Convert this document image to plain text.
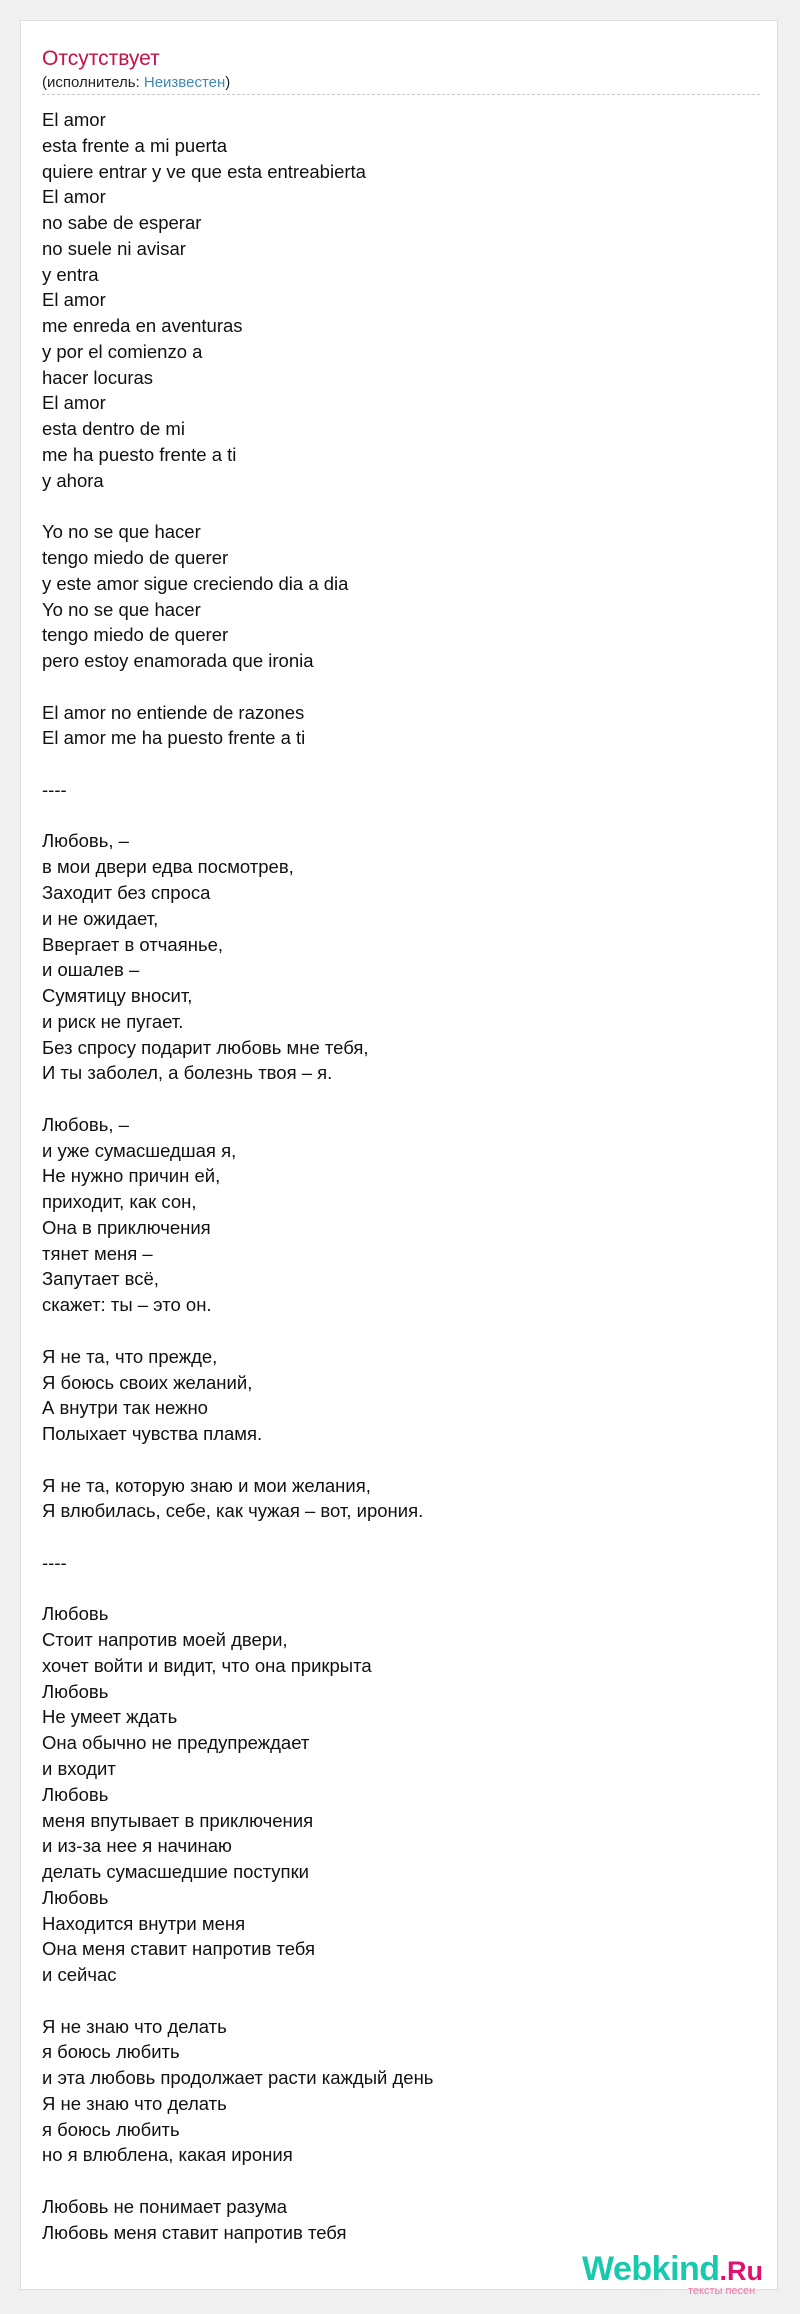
Отсутствует
(исполнитель: Неизвестен)
El amor
esta frente a mi puerta
quiere entrar y ve que esta entreabierta
El amor
no sabe de esperar
no suele ni avisar
y entra
El amor
me enreda en aventuras
y por el comienzo a
hacer locuras
El amor
esta dentro de mi
me ha puesto frente a ti
y ahora
Yo no se que hacer
tengo miedo de querer
y este amor sigue creciendo dia a dia
Yo no se que hacer
tengo miedo de querer
pero estoy enamorada que ironia
El amor no entiende de razones
El amor me ha puesto frente a ti
----
Любовь, –
в мои двери едва посмотрев,
Заходит без спроса
и не ожидает,
Ввергает в отчаянье,
и ошалев –
Сумятицу вносит,
и риск не пугает.
Без спросу подарит любовь мне тебя,
И ты заболел, а болезнь твоя – я.
Любовь, –
и уже сумасшедшая я,
Не нужно причин ей,
приходит, как сон,
Она в приключения
тянет меня –
Запутает всё,
скажет: ты – это он.
Я не та, что прежде,
Я боюсь своих желаний,
А внутри так нежно
Полыхает чувства пламя.
Я не та, которую знаю и мои желания,
Я влюбилась, себе, как чужая – вот, ирония.
----
Любовь
Стоит напротив моей двери,
хочет войти и видит, что она прикрыта
Любовь
Не умеет ждать
Она обычно не предупреждает
и входит
Любовь
меня впутывает в приключения
и из-за нее я начинаю
делать сумасшедшие поступки
Любовь
Находится внутри меня
Она меня ставит напротив тебя
и сейчас
Я не знаю что делать
я боюсь любить
и эта любовь продолжает расти каждый день
Я не знаю что делать
я боюсь любить
но я влюблена, какая ирония
Любовь не понимает разума
Любовь меня ставит напротив тебя
Webkind.Ru
тексты песен
